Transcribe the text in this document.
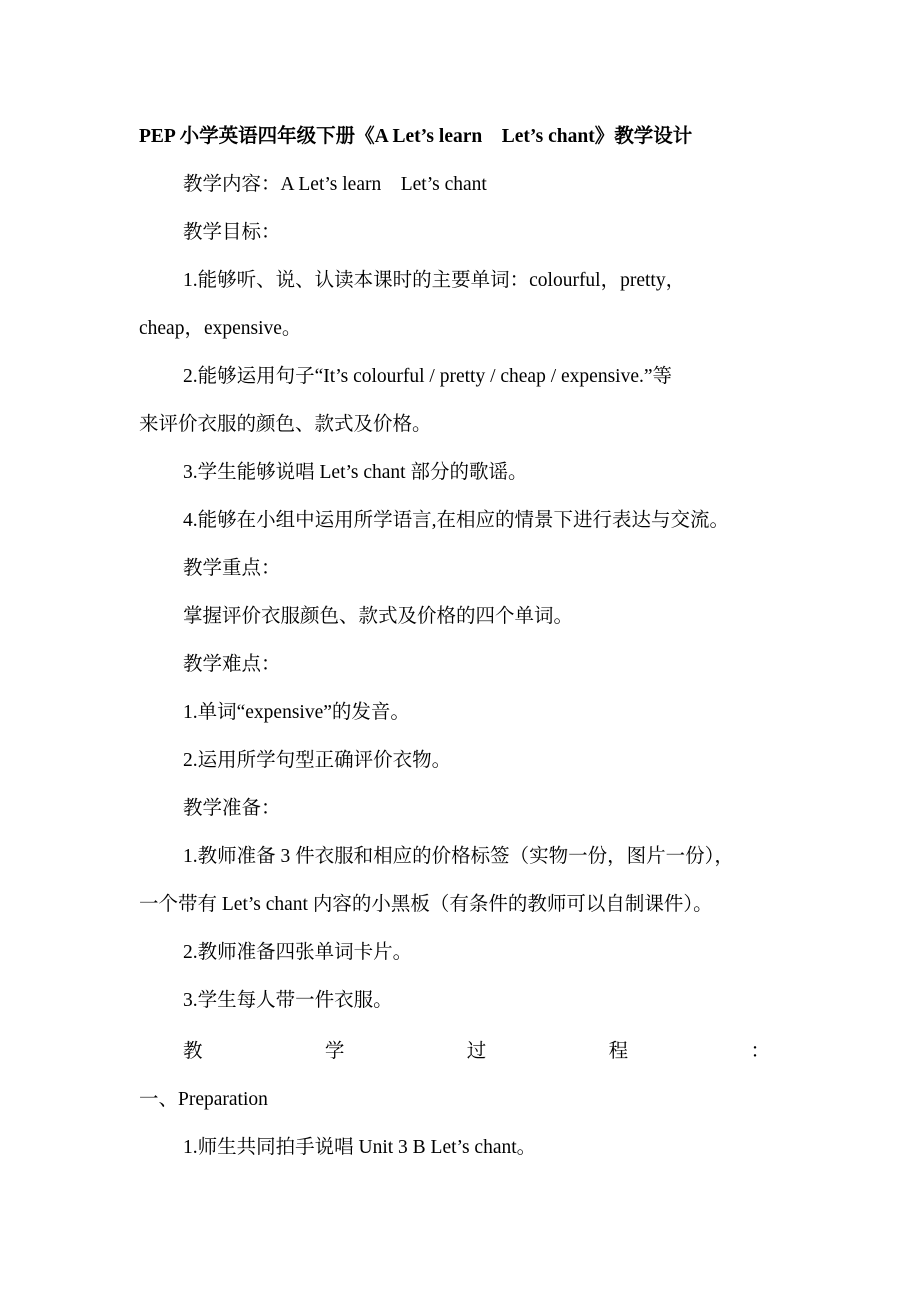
PEP 小学英语四年级下册《A Let’s learn　Let’s chant》教学设计
教学内容：A Let’s learn　Let’s chant
教学目标：
1.能够听、说、认读本课时的主要单词：colourful，pretty，
cheap，expensive。
2.能够运用句子“It’s colourful / pretty / cheap / expensive.”等
来评价衣服的颜色、款式及价格。
3.学生能够说唱 Let’s chant 部分的歌谣。
4.能够在小组中运用所学语言,在相应的情景下进行表达与交流。
教学重点：
掌握评价衣服颜色、款式及价格的四个单词。
教学难点：
1.单词“expensive”的发音。
2.运用所学句型正确评价衣物。
教学准备：
1.教师准备 3 件衣服和相应的价格标签（实物一份，图片一份），
一个带有 Let’s chant 内容的小黑板（有条件的教师可以自制课件）。
2.教师准备四张单词卡片。
3.学生每人带一件衣服。
教	学	过	程	：
一、Preparation
1.师生共同拍手说唱 Unit 3 B Let’s chant。
